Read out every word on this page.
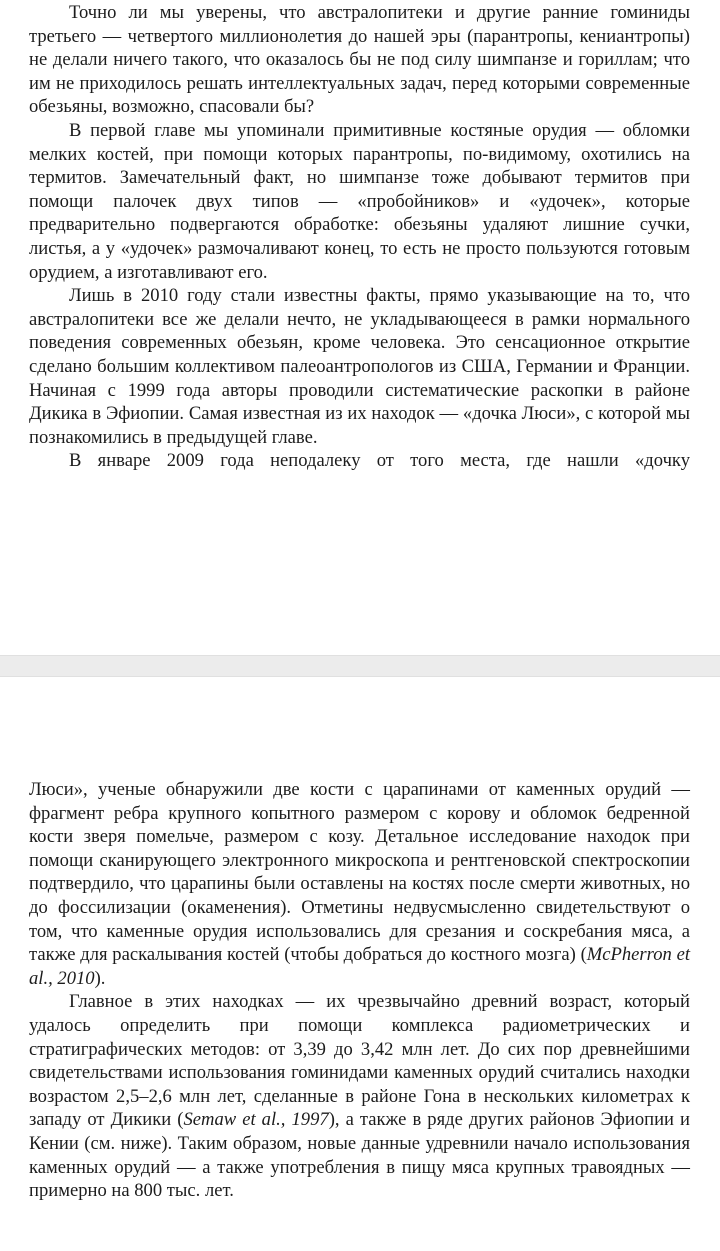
Точно ли мы уверены, что австралопитеки и другие ранние гоминиды третьего — четвертого миллионолетия до нашей эры (парантропы, кениантропы) не делали ничего такого, что оказалось бы не под силу шимпанзе и гориллам; что им не приходилось решать интеллектуальных задач, перед которыми современные обезьяны, возможно, спасовали бы?

В первой главе мы упоминали примитивные костяные орудия — обломки мелких костей, при помощи которых парантропы, по-видимому, охотились на термитов. Замечательный факт, но шимпанзе тоже добывают термитов при помощи палочек двух типов — «пробойников» и «удочек», которые предварительно подвергаются обработке: обезьяны удаляют лишние сучки, листья, а у «удочек» размочаливают конец, то есть не просто пользуются готовым орудием, а изготавливают его.

Лишь в 2010 году стали известны факты, прямо указывающие на то, что австралопитеки все же делали нечто, не укладывающееся в рамки нормального поведения современных обезьян, кроме человека. Это сенсационное открытие сделано большим коллективом палеоантропологов из США, Германии и Франции. Начиная с 1999 года авторы проводили систематические раскопки в районе Дикика в Эфиопии. Самая известная из их находок — «дочка Люси», с которой мы познакомились в предыдущей главе.

В январе 2009 года неподалеку от того места, где нашли «дочку

Люси», ученые обнаружили две кости с царапинами от каменных орудий — фрагмент ребра крупного копытного размером с корову и обломок бедренной кости зверя помельче, размером с козу. Детальное исследование находок при помощи сканирующего электронного микроскопа и рентгеновской спектроскопии подтвердило, что царапины были оставлены на костях после смерти животных, но до фоссилизации (окаменения). Отметины недвусмысленно свидетельствуют о том, что каменные орудия использовались для срезания и соскребания мяса, а также для раскалывания костей (чтобы добраться до костного мозга) (McPherron et al., 2010).

Главное в этих находках — их чрезвычайно древний возраст, который удалось определить при помощи комплекса радиометрических и стратиграфических методов: от 3,39 до 3,42 млн лет. До сих пор древнейшими свидетельствами использования гоминидами каменных орудий считались находки возрастом 2,5–2,6 млн лет, сделанные в районе Гона в нескольких километрах к западу от Дикики (Semaw et al., 1997), а также в ряде других районов Эфиопии и Кении (см. ниже). Таким образом, новые данные удревнили начало использования каменных орудий — а также употребления в пищу мяса крупных травоядных — примерно на 800 тыс. лет.
